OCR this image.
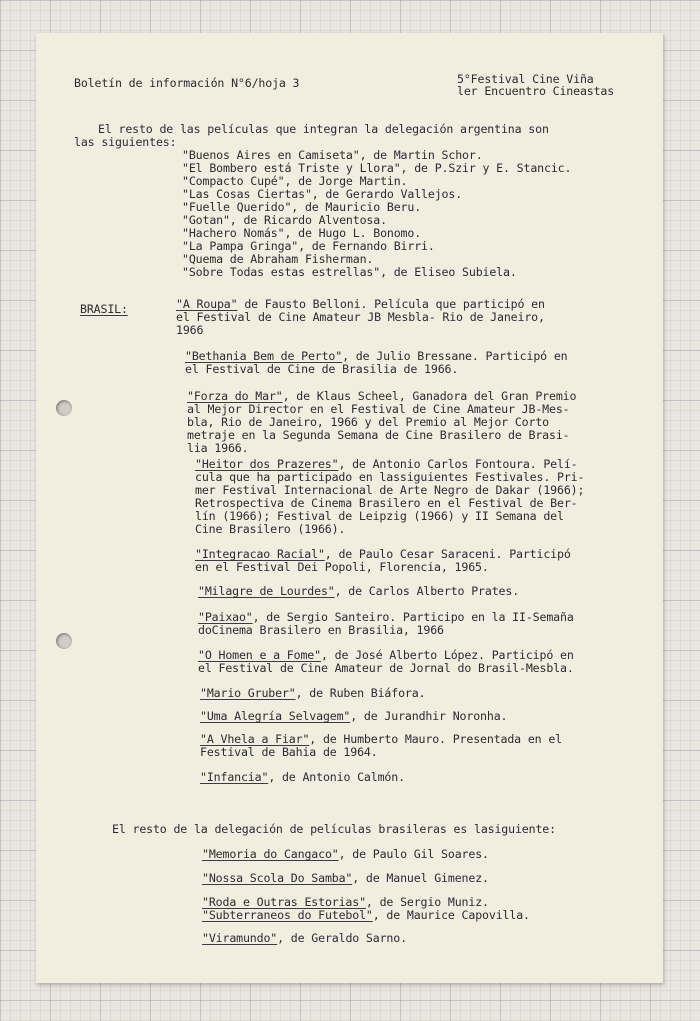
Boletín de información N°6/hoja 3	5°Festival Cine Viña
ler Encuentro Cineastas
El resto de las películas que integran la delegación argentina son
las siguientes:
"Buenos Aires en Camiseta", de Martin Schor.
"El Bombero está Triste y Llora", de P.Szir y E. Stancic.
"Compacto Cupé", de Jorge Martin.
"Las Cosas Ciertas", de Gerardo Vallejos.
"Fuelle Querido", de Mauricio Beru.
"Gotan", de Ricardo Alventosa.
"Hachero Nomás", de Hugo L. Bonomo.
"La Pampa Gringa", de Fernando Birri.
"Quema de Abraham Fisherman.
"Sobre Todas estas estrellas", de Eliseo Subiela.
BRASIL:	"A Roupa" de Fausto Belloni. Película que participó en
el Festival de Cine Amateur JB Mesbla- Rio de Janeiro,
1966
"Bethania Bem de Perto", de Julio Bressane. Participó en
el Festival de Cine de Brasilia de 1966.
"Forza do Mar", de Klaus Scheel, Ganadora del Gran Premio
al Mejor Director en el Festival de Cine Amateur JB-Mes-
bla, Rio de Janeiro, 1966 y del Premio al Mejor Corto
metraje en la Segunda Semana de Cine Brasilero de Brasi-
lia 1966.
"Heitor dos Prazeres", de Antonio Carlos Fontoura. Pelí-
cula que ha participado en lassiguientes Festivales. Pri-
mer Festival Internacional de Arte Negro de Dakar (1966);
Retrospectiva de Cinema Brasilero en el Festival de Ber-
lín (1966); Festival de Leipzig (1966) y II Semana del
Cine Brasilero (1966).
"Integracao Racial", de Paulo Cesar Saraceni. Participó
en el Festival Dei Popoli, Florencia, 1965.
"Milagre de Lourdes", de Carlos Alberto Prates.
"Paixao", de Sergio Santeiro. Participo en la II-Semaña
doCinema Brasilero en Brasilia, 1966
"O Homen e a Fome", de José Alberto López. Participó en
el Festival de Cine Amateur de Jornal do Brasil-Mesbla.
"Mario Gruber", de Ruben Biáfora.
"Uma Alegría Selvagem", de Jurandhir Noronha.
"A Vhela a Fiar", de Humberto Mauro. Presentada en el
Festival de Bahia de 1964.
"Infancia", de Antonio Calmón.
El resto de la delegación de películas brasileras es lasiguiente:
"Memoria do Cangaco", de Paulo Gil Soares.
"Nossa Scola Do Samba", de Manuel Gimenez.
"Roda e Outras Estorias", de Sergio Muniz.
"Subterraneos do Futebol", de Maurice Capovilla.
"Viramundo", de Geraldo Sarno.
